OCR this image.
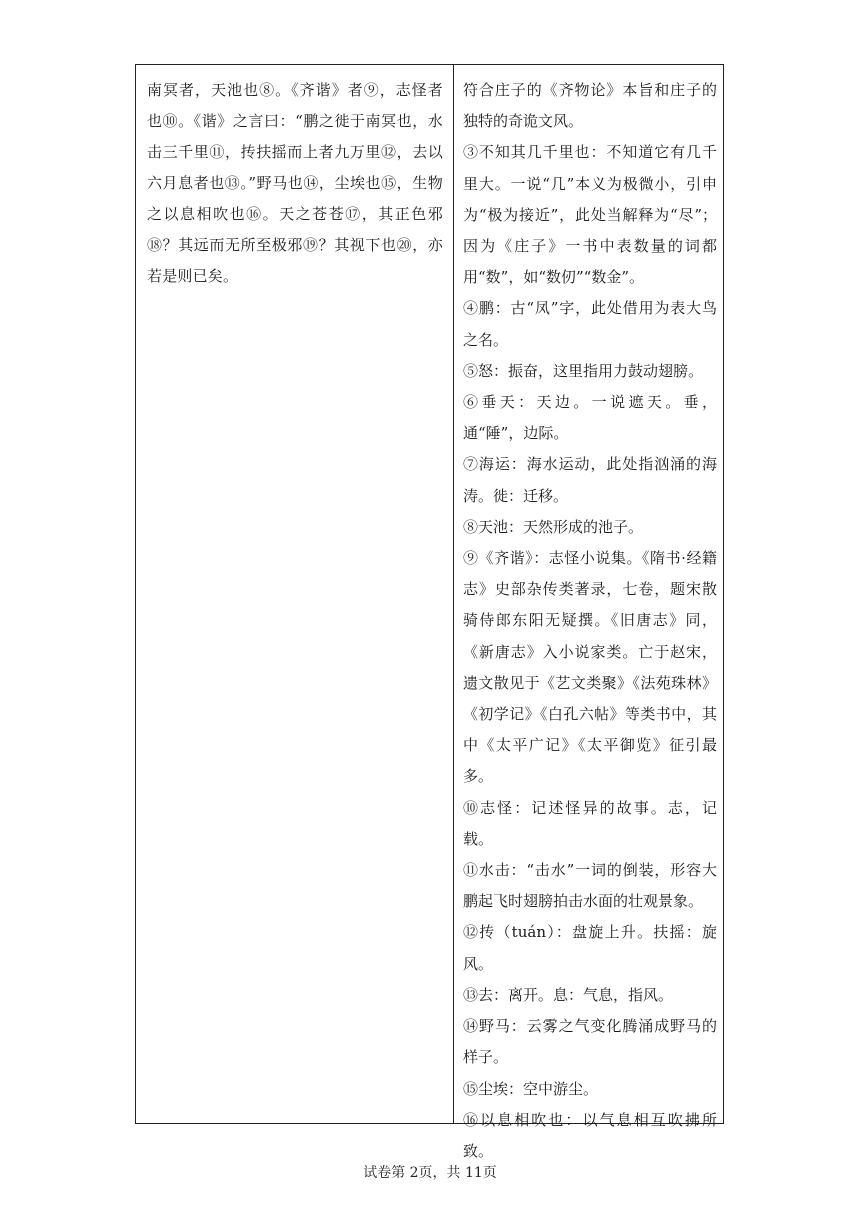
南冥者，天池也⑧。《齐谐》者⑨，志怪者也⑩。《谐》之言曰：“鹏之徙于南冥也，水击三千里⑪，抟扶摇而上者九万里⑫，去以六月息者也⑬。”野马也⑭，尘埃也⑮，生物之以息相吹也⑯。天之苍苍⑰，其正色邪⑱？其远而无所至极邪⑲？其视下也⑳，亦若是则已矣。

符合庄子的《齐物论》本旨和庄子的独特的奇诡文风。

③不知其几千里也：不知道它有几千里大。一说“几”本义为极微小，引申为“极为接近”，此处当解释为“尽”；因为《庄子》一书中表数量的词都用“数”，如“数仞”“数金”。

④鹏：古“凤”字，此处借用为表大鸟之名。

⑤怒：振奋，这里指用力鼓动翅膀。

⑥垂天：天边。一说遮天。垂，通“陲”，边际。

⑦海运：海水运动，此处指汹涌的海涛。徙：迁移。

⑧天池：天然形成的池子。

⑨《齐谐》：志怪小说集。《隋书·经籍志》史部杂传类著录，七卷，题宋散骑侍郎东阳无疑撰。《旧唐志》同，《新唐志》入小说家类。亡于赵宋，遗文散见于《艺文类聚》《法苑珠林》《初学记》《白孔六帖》等类书中，其中《太平广记》《太平御览》征引最多。

⑩志怪：记述怪异的故事。志，记载。

⑪水击：“击水”一词的倒装，形容大鹏起飞时翅膀拍击水面的壮观景象。

⑫抟（tuán）：盘旋上升。扶摇：旋风。

⑬去：离开。息：气息，指风。

⑭野马：云雾之气变化腾涌成野马的样子。

⑮尘埃：空中游尘。

⑯以息相吹也：以气息相互吹拂所致。

试卷第 2页，共 11页
